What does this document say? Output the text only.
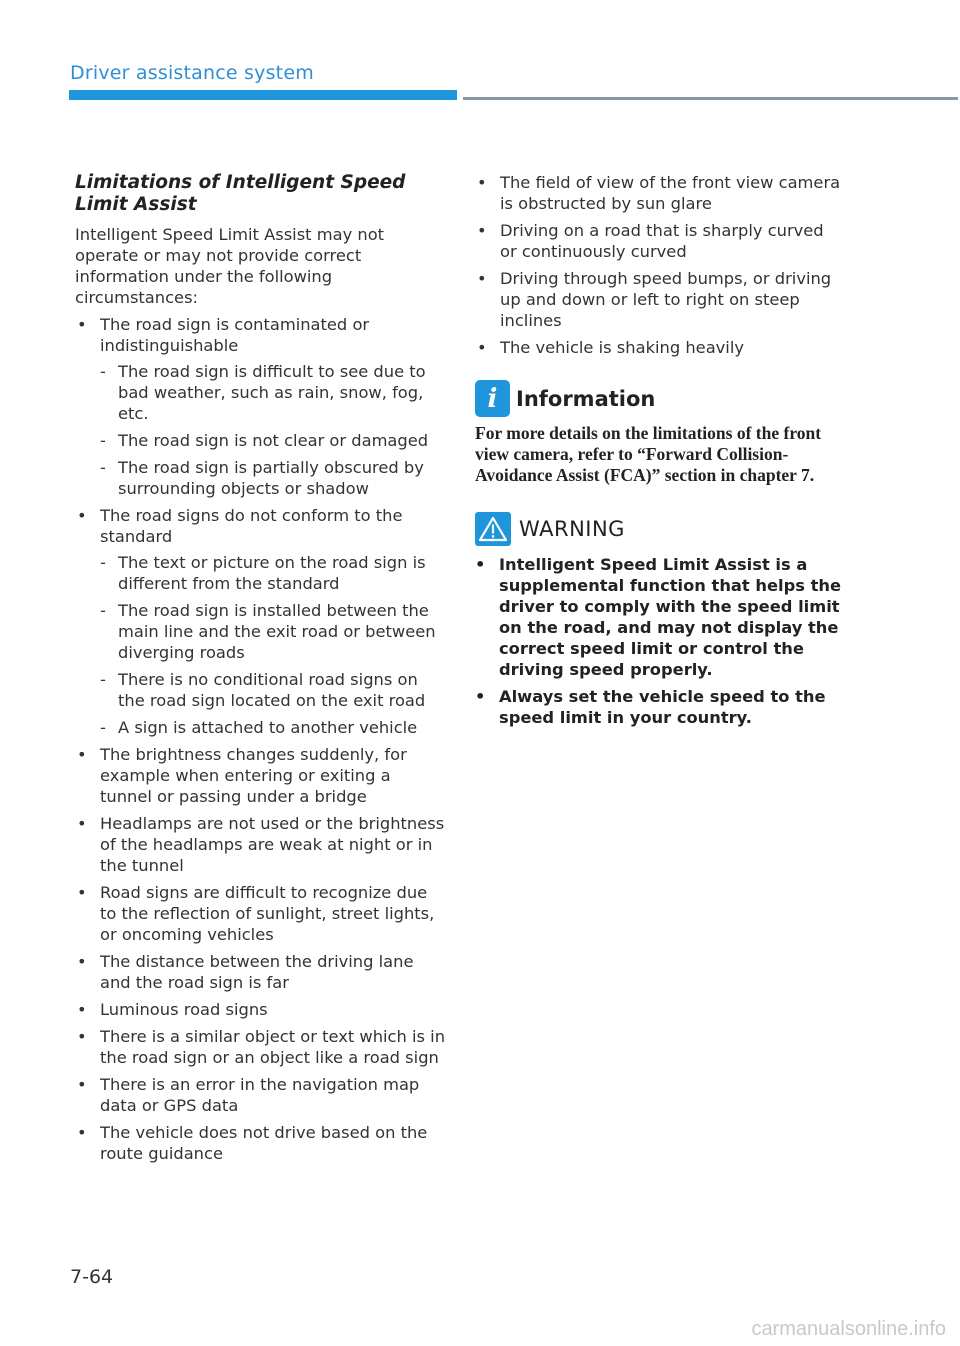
Driver assistance system
Limitations of Intelligent Speed
Limit Assist

Intelligent Speed Limit Assist may not operate or may not provide correct information under the following circumstances:

• The road sign is contaminated or indistinguishable
- The road sign is difficult to see due to bad weather, such as rain, snow, fog, etc.
- The road sign is not clear or damaged
- The road sign is partially obscured by surrounding objects or shadow
• The road signs do not conform to the standard
- The text or picture on the road sign is different from the standard
- The road sign is installed between the main line and the exit road or between diverging roads
- There is no conditional road signs on the road sign located on the exit road
- A sign is attached to another vehicle
• The brightness changes suddenly, for example when entering or exiting a tunnel or passing under a bridge
• Headlamps are not used or the brightness of the headlamps are weak at night or in the tunnel
• Road signs are difficult to recognize due to the reflection of sunlight, street lights, or oncoming vehicles
• The distance between the driving lane and the road sign is far
• Luminous road signs
• There is a similar object or text which is in the road sign or an object like a road sign
• There is an error in the navigation map data or GPS data
• The vehicle does not drive based on the route guidance
• The field of view of the front view camera is obstructed by sun glare
• Driving on a road that is sharply curved or continuously curved
• Driving through speed bumps, or driving up and down or left to right on steep inclines
• The vehicle is shaking heavily
i Information

For more details on the limitations of the front view camera, refer to “Forward Collision-Avoidance Assist (FCA)” section in chapter 7.

WARNING
• Intelligent Speed Limit Assist is a supplemental function that helps the driver to comply with the speed limit on the road, and may not display the correct speed limit or control the driving speed properly.
• Always set the vehicle speed to the speed limit in your country.
7-64
carmanualsonline.info
